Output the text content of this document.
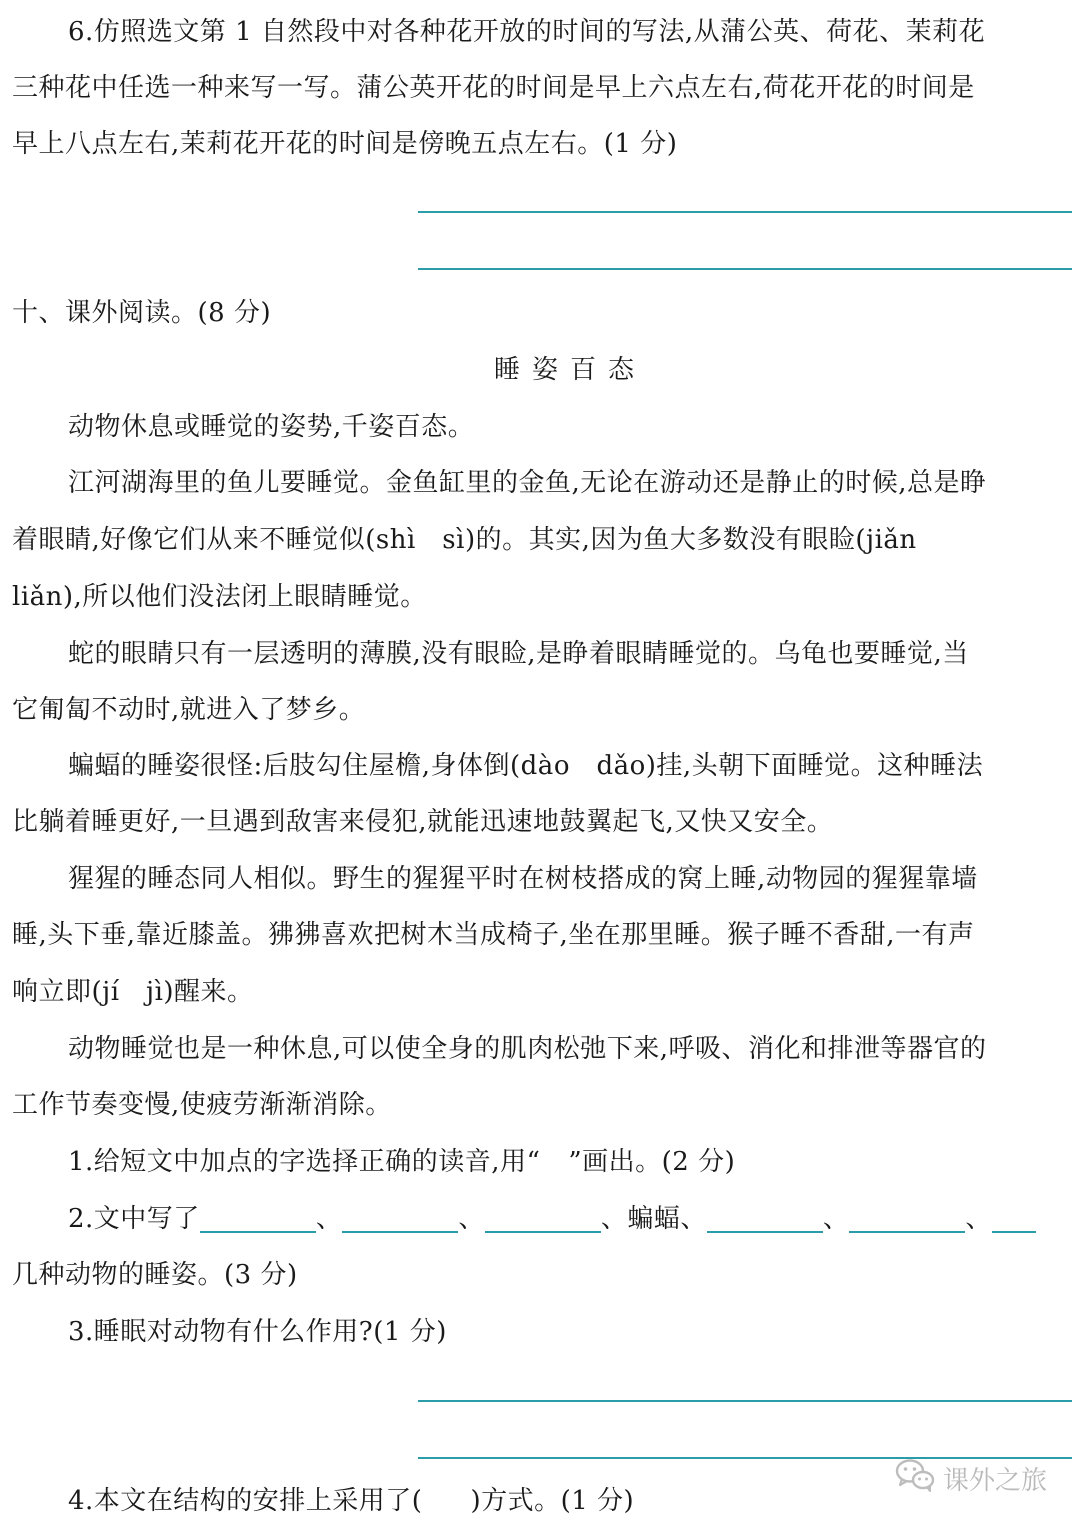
6.仿照选文第 1 自然段中对各种花开放的时间的写法,从蒲公英、荷花、茉莉花
三种花中任选一种来写一写。蒲公英开花的时间是早上六点左右,荷花开花的时间是
早上八点左右,茉莉花开花的时间是傍晚五点左右。(1 分)
十、课外阅读。(8 分)
睡姿百态
动物休息或睡觉的姿势,千姿百态。
江河湖海里的鱼儿要睡觉。金鱼缸里的金鱼,无论在游动还是静止的时候,总是睁
着眼睛,好像它们从来不睡觉似(shì　sì)的。其实,因为鱼大多数没有眼睑(jiǎn
liǎn),所以他们没法闭上眼睛睡觉。
蛇的眼睛只有一层透明的薄膜,没有眼睑,是睁着眼睛睡觉的。乌龟也要睡觉,当
它匍匐不动时,就进入了梦乡。
蝙蝠的睡姿很怪:后肢勾住屋檐,身体倒(dào　dǎo)挂,头朝下面睡觉。这种睡法
比躺着睡更好,一旦遇到敌害来侵犯,就能迅速地鼓翼起飞,又快又安全。
猩猩的睡态同人相似。野生的猩猩平时在树枝搭成的窝上睡,动物园的猩猩靠墙
睡,头下垂,靠近膝盖。狒狒喜欢把树木当成椅子,坐在那里睡。猴子睡不香甜,一有声
响立即(jí　jì)醒来。
动物睡觉也是一种休息,可以使全身的肌肉松弛下来,呼吸、消化和排泄等器官的
工作节奏变慢,使疲劳渐渐消除。
1.给短文中加点的字选择正确的读音,用“ ”画出。(2 分)
2.文中写了	、	、	、蝙蝠、	、	、
几种动物的睡姿。(3 分)
3.睡眠对动物有什么作用?(1 分)
4.本文在结构的安排上采用了( )方式。(1 分)
课外之旅
